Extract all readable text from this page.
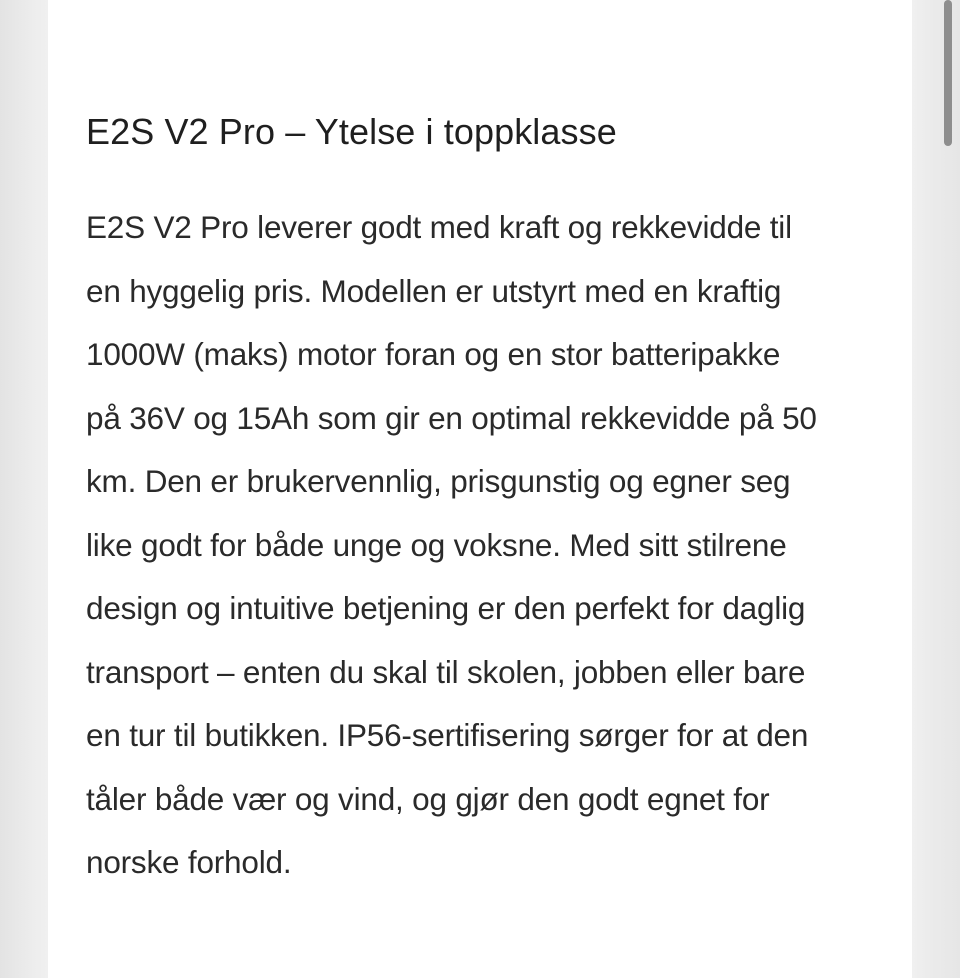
E2S V2 Pro – Ytelse i toppklasse

E2S V2 Pro leverer godt med kraft og rekkevidde til
en hyggelig pris. Modellen er utstyrt med en kraftig
1000W (maks) motor foran og en stor batteripakke
på 36V og 15Ah som gir en optimal rekkevidde på 50
km. Den er brukervennlig, prisgunstig og egner seg
like godt for både unge og voksne. Med sitt stilrene
design og intuitive betjening er den perfekt for daglig
transport – enten du skal til skolen, jobben eller bare
en tur til butikken. IP56-sertifisering sørger for at den
tåler både vær og vind, og gjør den godt egnet for
norske forhold.
